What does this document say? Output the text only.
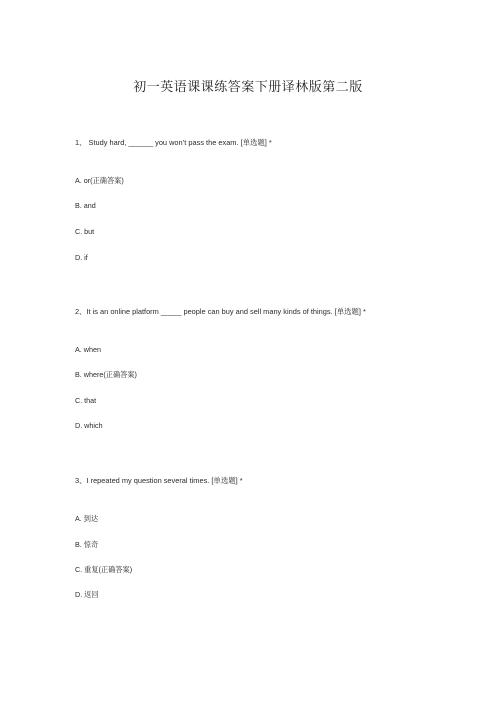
初一英语课课练答案下册译林版第二版
1、 Study hard, ______ you won’t pass the exam. [单选题] *
A. or(正确答案)
B. and
C. but
D. if
2、It is an online platform _____ people can buy and sell many kinds of things. [单选题] *
A. when
B. where(正确答案)
C. that
D. which
3、I repeated my question several times. [单选题] *
A. 到达
B. 惊奇
C. 重复(正确答案)
D. 返回
